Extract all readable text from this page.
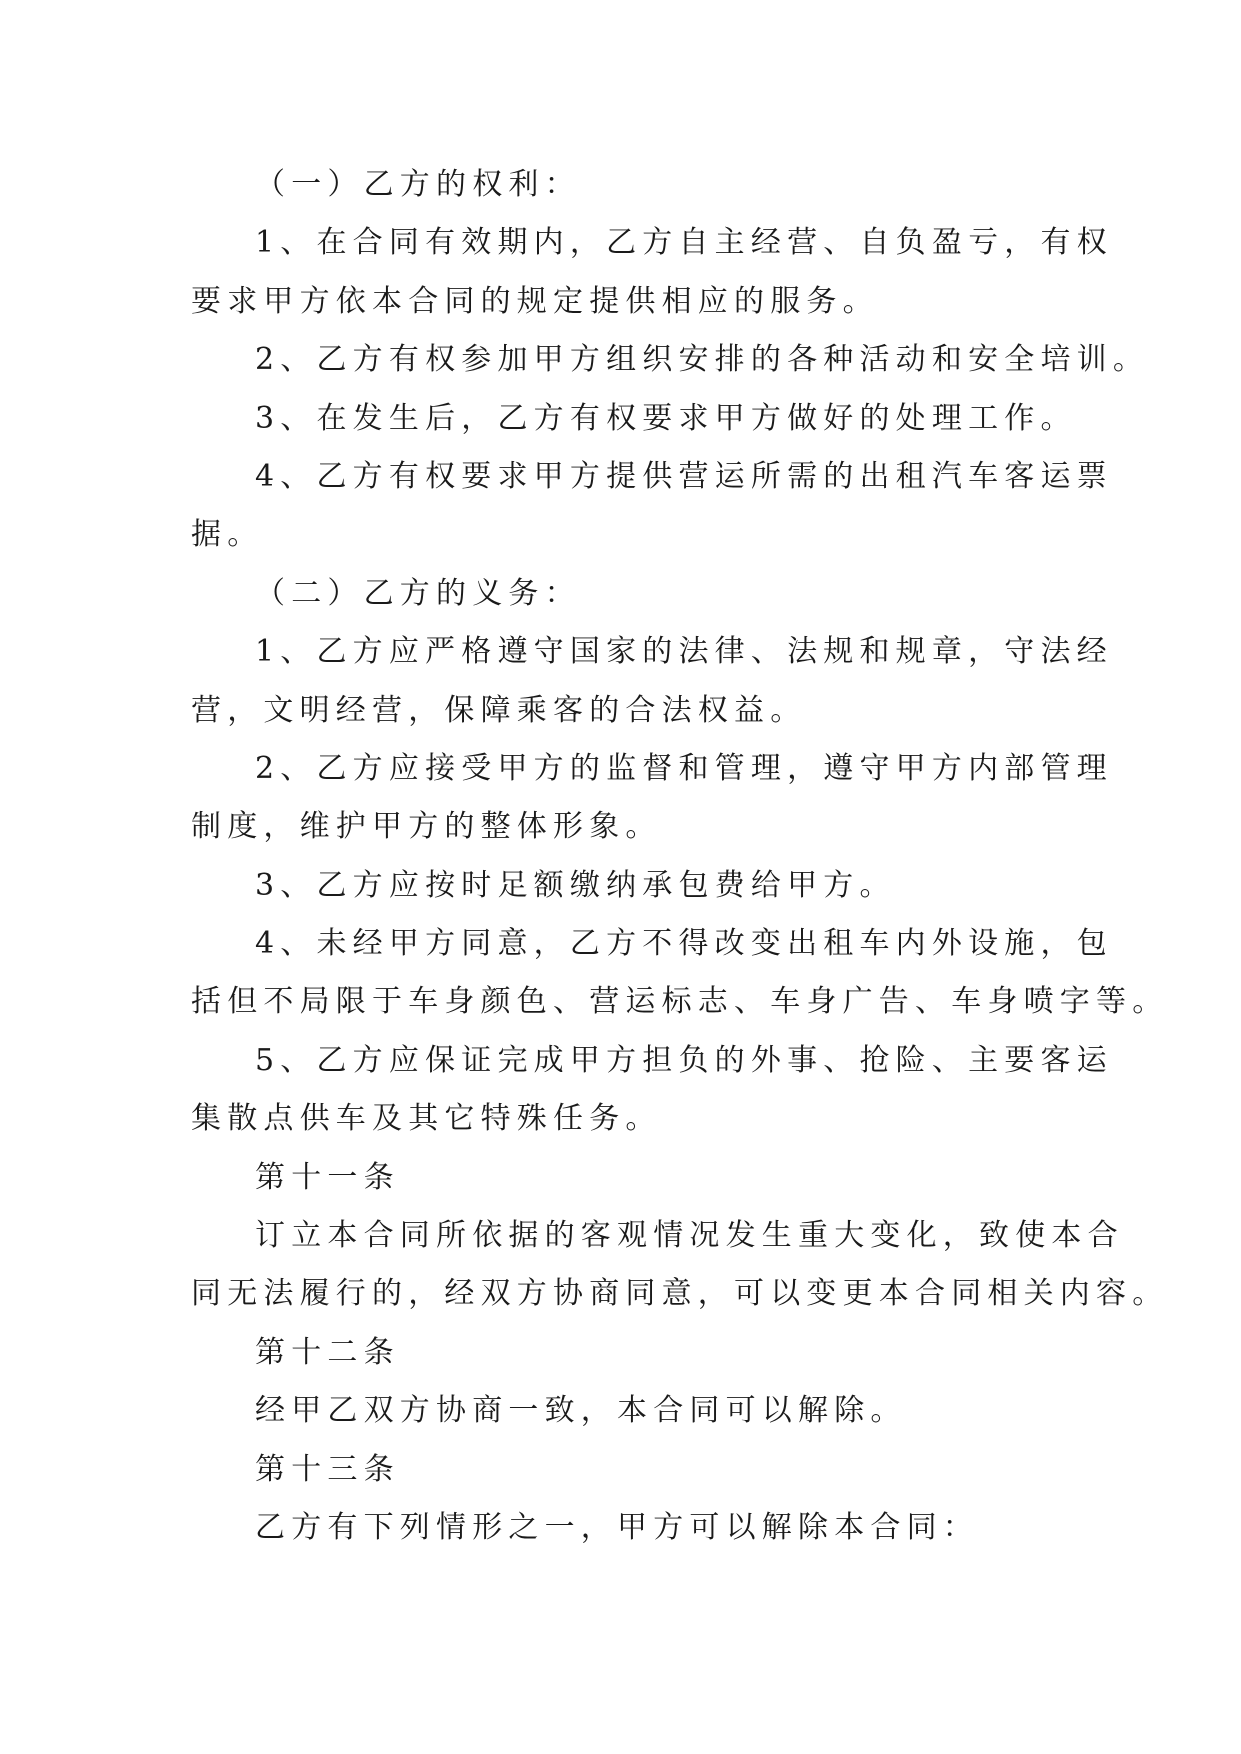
（一）乙方的权利：
1、在合同有效期内，乙方自主经营、自负盈亏，有权
要求甲方依本合同的规定提供相应的服务。
2、乙方有权参加甲方组织安排的各种活动和安全培训。
3、在发生后，乙方有权要求甲方做好的处理工作。
4、乙方有权要求甲方提供营运所需的出租汽车客运票
据。
（二）乙方的义务：
1、乙方应严格遵守国家的法律、法规和规章，守法经
营，文明经营，保障乘客的合法权益。
2、乙方应接受甲方的监督和管理，遵守甲方内部管理
制度，维护甲方的整体形象。
3、乙方应按时足额缴纳承包费给甲方。
4、未经甲方同意，乙方不得改变出租车内外设施，包
括但不局限于车身颜色、营运标志、车身广告、车身喷字等。
5、乙方应保证完成甲方担负的外事、抢险、主要客运
集散点供车及其它特殊任务。
第十一条
订立本合同所依据的客观情况发生重大变化，致使本合
同无法履行的，经双方协商同意，可以变更本合同相关内容。
第十二条
经甲乙双方协商一致，本合同可以解除。
第十三条
乙方有下列情形之一，甲方可以解除本合同：
